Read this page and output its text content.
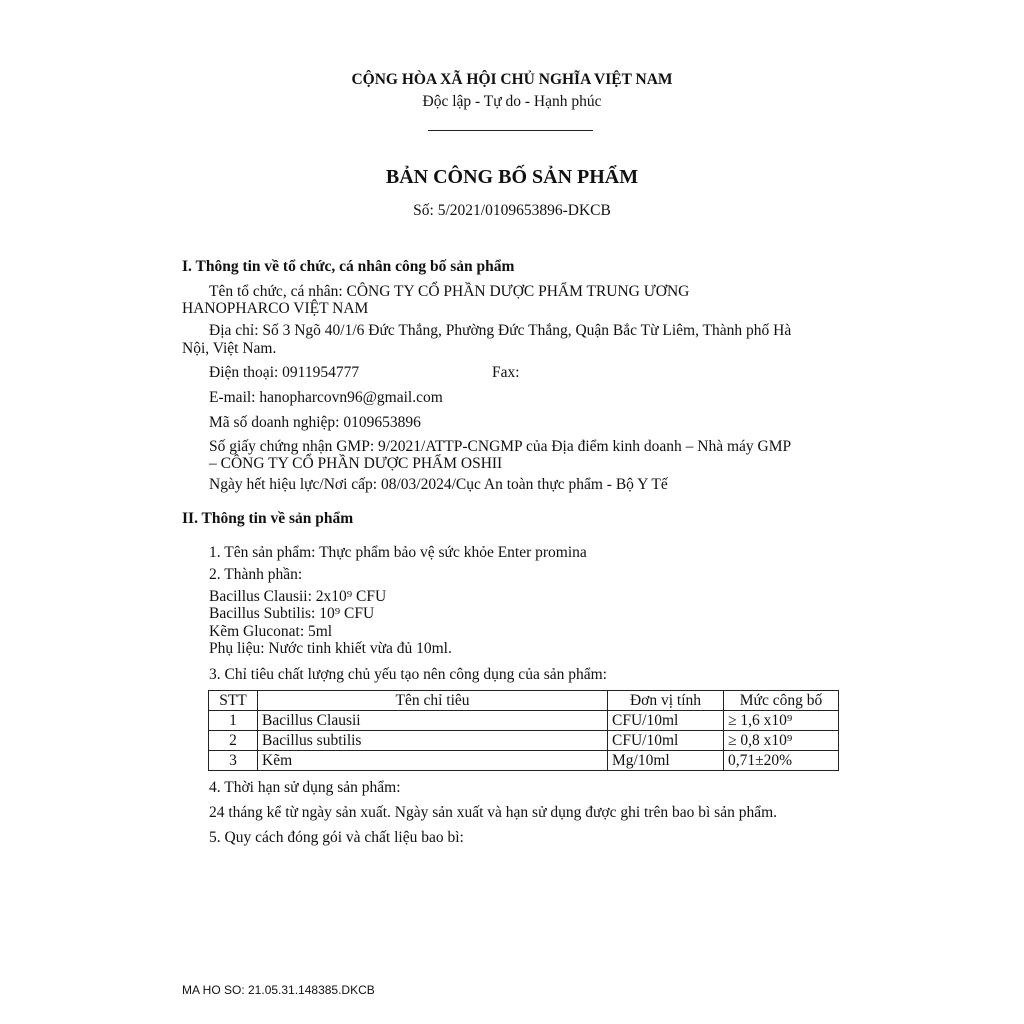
CỘNG HÒA XÃ HỘI CHỦ NGHĨA VIỆT NAM
Độc lập - Tự do - Hạnh phúc
BẢN CÔNG BỐ SẢN PHẨM
Số: 5/2021/0109653896-DKCB
I. Thông tin về tổ chức, cá nhân công bố sản phẩm
Tên tổ chức, cá nhân: CÔNG TY CỔ PHẦN DƯỢC PHẨM TRUNG ƯƠNG
HANOPHARCO VIỆT NAM
Địa chỉ: Số 3 Ngõ 40/1/6 Đức Thắng, Phường Đức Thắng, Quận Bắc Từ Liêm, Thành phố Hà
Nội, Việt Nam.
Điện thoại: 0911954777	Fax:
E-mail: hanopharcovn96@gmail.com
Mã số doanh nghiệp: 0109653896
Số giấy chứng nhận GMP: 9/2021/ATTP-CNGMP của Địa điểm kinh doanh – Nhà máy GMP
– CÔNG TY CỔ PHẦN DƯỢC PHẨM OSHII
Ngày hết hiệu lực/Nơi cấp: 08/03/2024/Cục An toàn thực phẩm - Bộ Y Tế
II. Thông tin về sản phẩm
1. Tên sản phẩm: Thực phẩm bảo vệ sức khỏe Enter promina
2. Thành phần:
Bacillus Clausii: 2x10⁹ CFU
Bacillus Subtilis: 10⁹ CFU
Kẽm Gluconat: 5ml
Phụ liệu: Nước tinh khiết vừa đủ 10ml.
3. Chỉ tiêu chất lượng chủ yếu tạo nên công dụng của sản phẩm:
STT	Tên chỉ tiêu	Đơn vị tính	Mức công bố
1	Bacillus Clausii	CFU/10ml	≥ 1,6 x10⁹
2	Bacillus subtilis	CFU/10ml	≥ 0,8 x10⁹
3	Kẽm	Mg/10ml	0,71±20%
4. Thời hạn sử dụng sản phẩm:
24 tháng kể từ ngày sản xuất. Ngày sản xuất và hạn sử dụng được ghi trên bao bì sản phẩm.
5. Quy cách đóng gói và chất liệu bao bì:
MA HO SO: 21.05.31.148385.DKCB
